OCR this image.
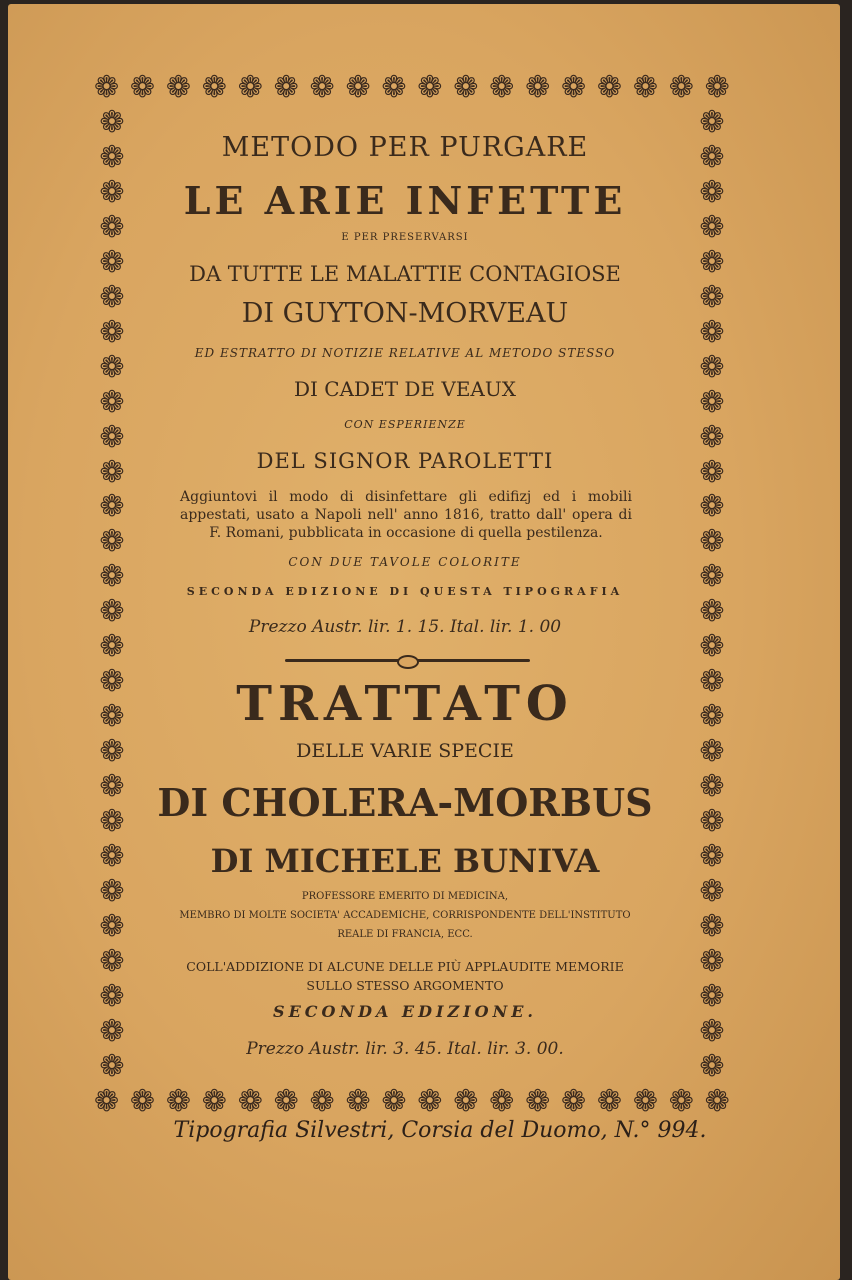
❁ ❁ ❁ ❁ ❁ ❁ ❁ ❁ ❁ ❁ ❁ ❁ ❁ ❁ ❁ ❁ ❁ ❁
❁ ❁ ❁ ❁ ❁ ❁ ❁ ❁ ❁ ❁ ❁ ❁ ❁ ❁ ❁ ❁ ❁ ❁
❁
❁
❁
❁
❁
❁
❁
❁
❁
❁
❁
❁
❁
❁
❁
❁
❁
❁
❁
❁
❁
❁
❁
❁
❁
❁
❁
❁
❁
❁
❁
❁
❁
❁
❁
❁
❁
❁
❁
❁
❁
❁
❁
❁
❁
❁
❁
❁
❁
❁
❁
❁
❁
❁
❁
❁
METODO PER PURGARE
LE ARIE INFETTE
E PER PRESERVARSI
DA TUTTE LE MALATTIE CONTAGIOSE
DI GUYTON-MORVEAU
ED ESTRATTO DI NOTIZIE RELATIVE AL METODO STESSO
DI CADET DE VEAUX
CON ESPERIENZE
DEL SIGNOR PAROLETTI
Aggiuntovi il modo di disinfettare gli edifizj ed i mobili appestati, usato a Napoli nell' anno 1816, tratto dall' opera di F. Romani, pubblicata in occasione di quella pestilenza.
CON DUE TAVOLE COLORITE
SECONDA EDIZIONE DI QUESTA TIPOGRAFIA
Prezzo Austr. lir. 1. 15. Ital. lir. 1. 00
TRATTATO
DELLE VARIE SPECIE
DI CHOLERA-MORBUS
DI MICHELE BUNIVA
PROFESSORE EMERITO DI MEDICINA,
MEMBRO DI MOLTE SOCIETA' ACCADEMICHE, CORRISPONDENTE DELL'INSTITUTO
REALE DI FRANCIA, ECC.
COLL'ADDIZIONE DI ALCUNE DELLE PIÙ APPLAUDITE MEMORIE
SULLO STESSO ARGOMENTO
SECONDA EDIZIONE.
Prezzo Austr. lir. 3. 45. Ital. lir. 3. 00.
Tipografia Silvestri, Corsia del Duomo, N.° 994.
